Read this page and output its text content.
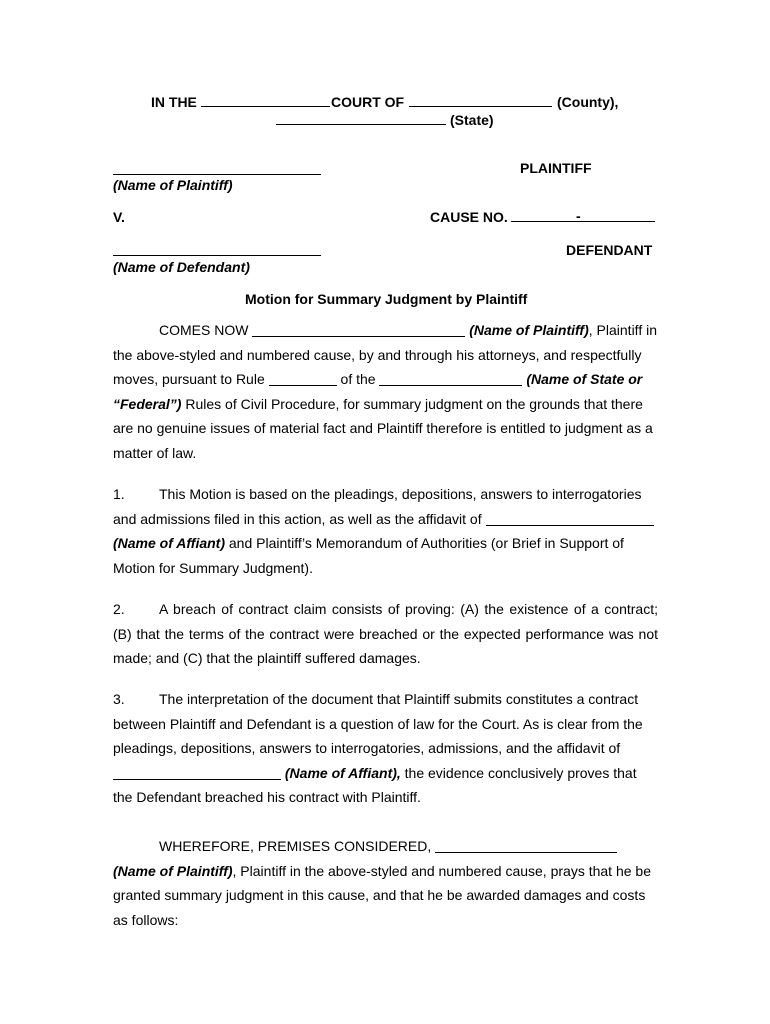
IN THE	COURT OF	(County),
(State)
PLAINTIFF
(Name of Plaintiff)
V.	CAUSE NO.	-
DEFENDANT
(Name of Defendant)
Motion for Summary Judgment by Plaintiff
COMES NOW	(Name of Plaintiff), Plaintiff in the above-styled and numbered cause, by and through his attorneys, and respectfully moves, pursuant to Rule	of the	(Name of State or “Federal”) Rules of Civil Procedure, for summary judgment on the grounds that there are no genuine issues of material fact and Plaintiff therefore is entitled to judgment as a matter of law.
1. This Motion is based on the pleadings, depositions, answers to interrogatories and admissions filed in this action, as well as the affidavit of  (Name of Affiant) and Plaintiff’s Memorandum of Authorities (or Brief in Support of Motion for Summary Judgment).
2. A breach of contract claim consists of proving: (A) the existence of a contract; (B) that the terms of the contract were breached or the expected performance was not made; and (C) that the plaintiff suffered damages.
3. The interpretation of the document that Plaintiff submits constitutes a contract between Plaintiff and Defendant is a question of law for the Court. As is clear from the pleadings, depositions, answers to interrogatories, admissions, and the affidavit of  (Name of Affiant), the evidence conclusively proves that the Defendant breached his contract with Plaintiff.
WHEREFORE, PREMISES CONSIDERED,  (Name of Plaintiff), Plaintiff in the above-styled and numbered cause, prays that he be granted summary judgment in this cause, and that he be awarded damages and costs as follows:
